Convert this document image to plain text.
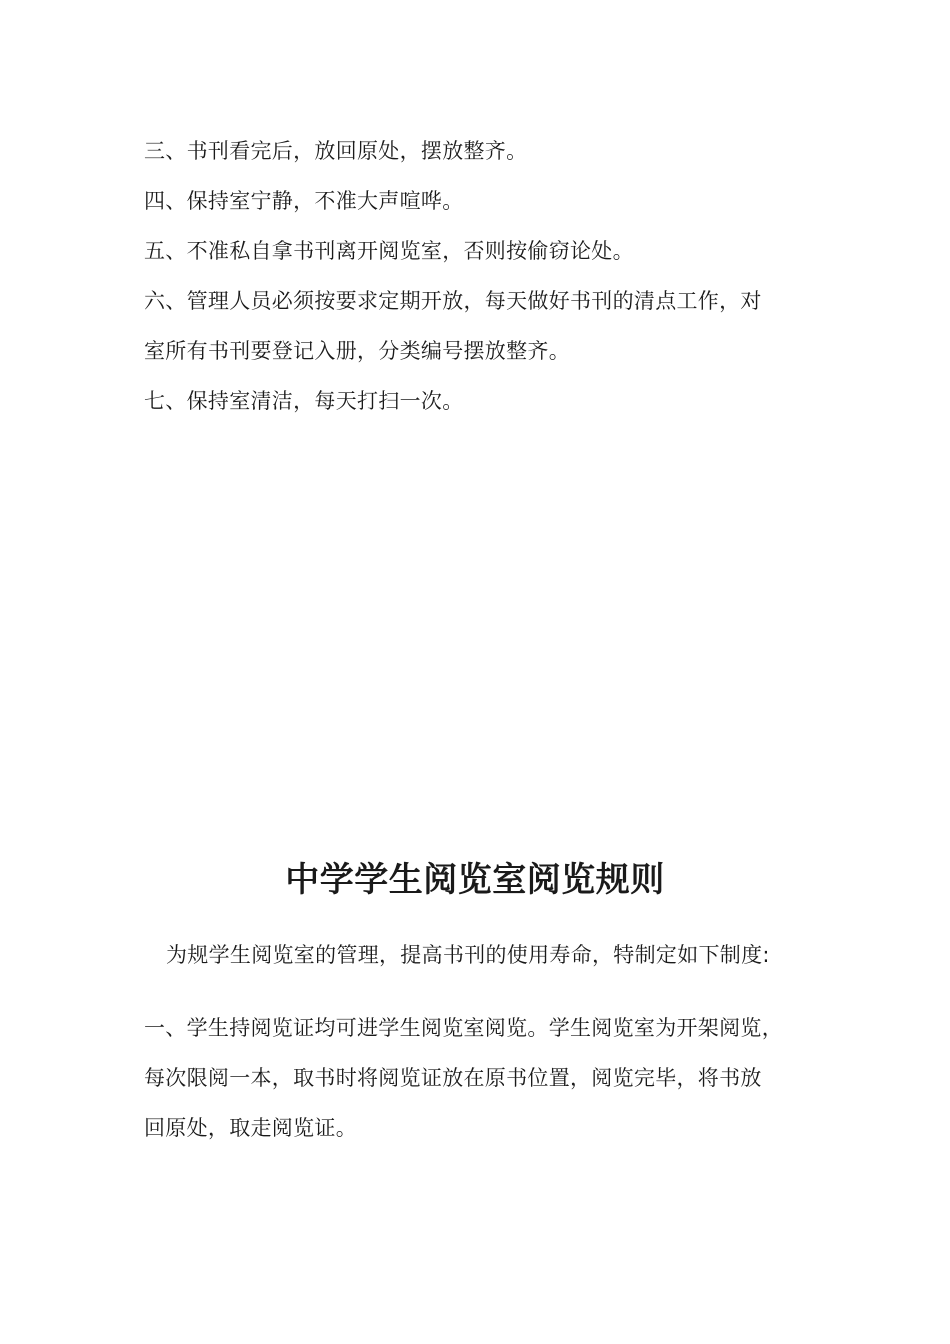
三、书刊看完后，放回原处，摆放整齐。
四、保持室宁静，不准大声喧哗。
五、不准私自拿书刊离开阅览室，否则按偷窃论处。
六、管理人员必须按要求定期开放，每天做好书刊的清点工作，对
室所有书刊要登记入册，分类编号摆放整齐。
七、保持室清洁，每天打扫一次。
中学学生阅览室阅览规则
为规学生阅览室的管理，提高书刊的使用寿命，特制定如下制度:
一、学生持阅览证均可进学生阅览室阅览。学生阅览室为开架阅览，
每次限阅一本，取书时将阅览证放在原书位置，阅览完毕，将书放
回原处，取走阅览证。
